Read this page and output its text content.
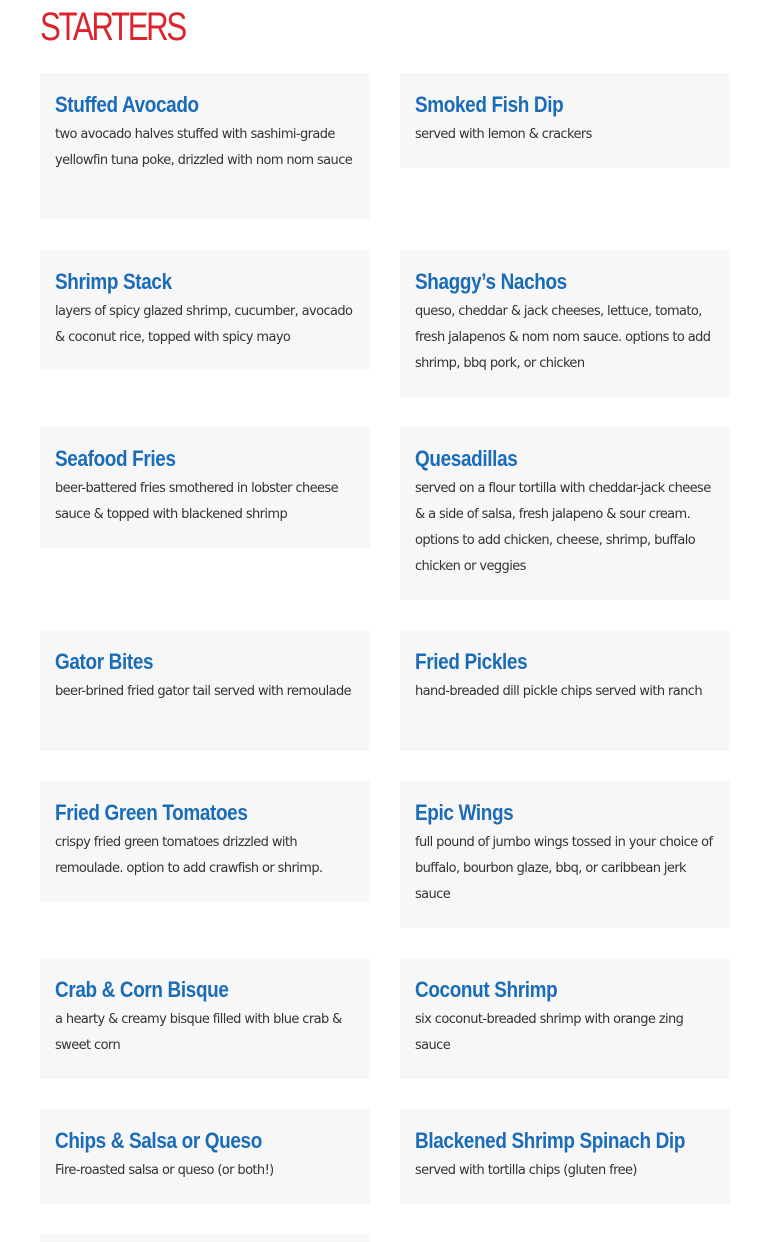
STARTERS
Stuffed Avocado
two avocado halves stuffed with sashimi-grade yellowfin tuna poke, drizzled with nom nom sauce
Smoked Fish Dip
served with lemon & crackers
Shrimp Stack
layers of spicy glazed shrimp, cucumber, avocado & coconut rice, topped with spicy mayo
Shaggy’s Nachos
queso, cheddar & jack cheeses, lettuce, tomato, fresh jalapenos & nom nom sauce. options to add shrimp, bbq pork, or chicken
Seafood Fries
beer-battered fries smothered in lobster cheese sauce & topped with blackened shrimp
Quesadillas
served on a flour tortilla with cheddar-jack cheese & a side of salsa, fresh jalapeno & sour cream. options to add chicken, cheese, shrimp, buffalo chicken or veggies
Gator Bites
beer-brined fried gator tail served with remoulade
Fried Pickles
hand-breaded dill pickle chips served with ranch
Fried Green Tomatoes
crispy fried green tomatoes drizzled with remoulade. option to add crawfish or shrimp.
Epic Wings
full pound of jumbo wings tossed in your choice of buffalo, bourbon glaze, bbq, or caribbean jerk sauce
Crab & Corn Bisque
a hearty & creamy bisque filled with blue crab & sweet corn
Coconut Shrimp
six coconut-breaded shrimp with orange zing sauce
Chips & Salsa or Queso
Fire-roasted salsa or queso (or both!)
Blackened Shrimp Spinach Dip
served with tortilla chips (gluten free)
